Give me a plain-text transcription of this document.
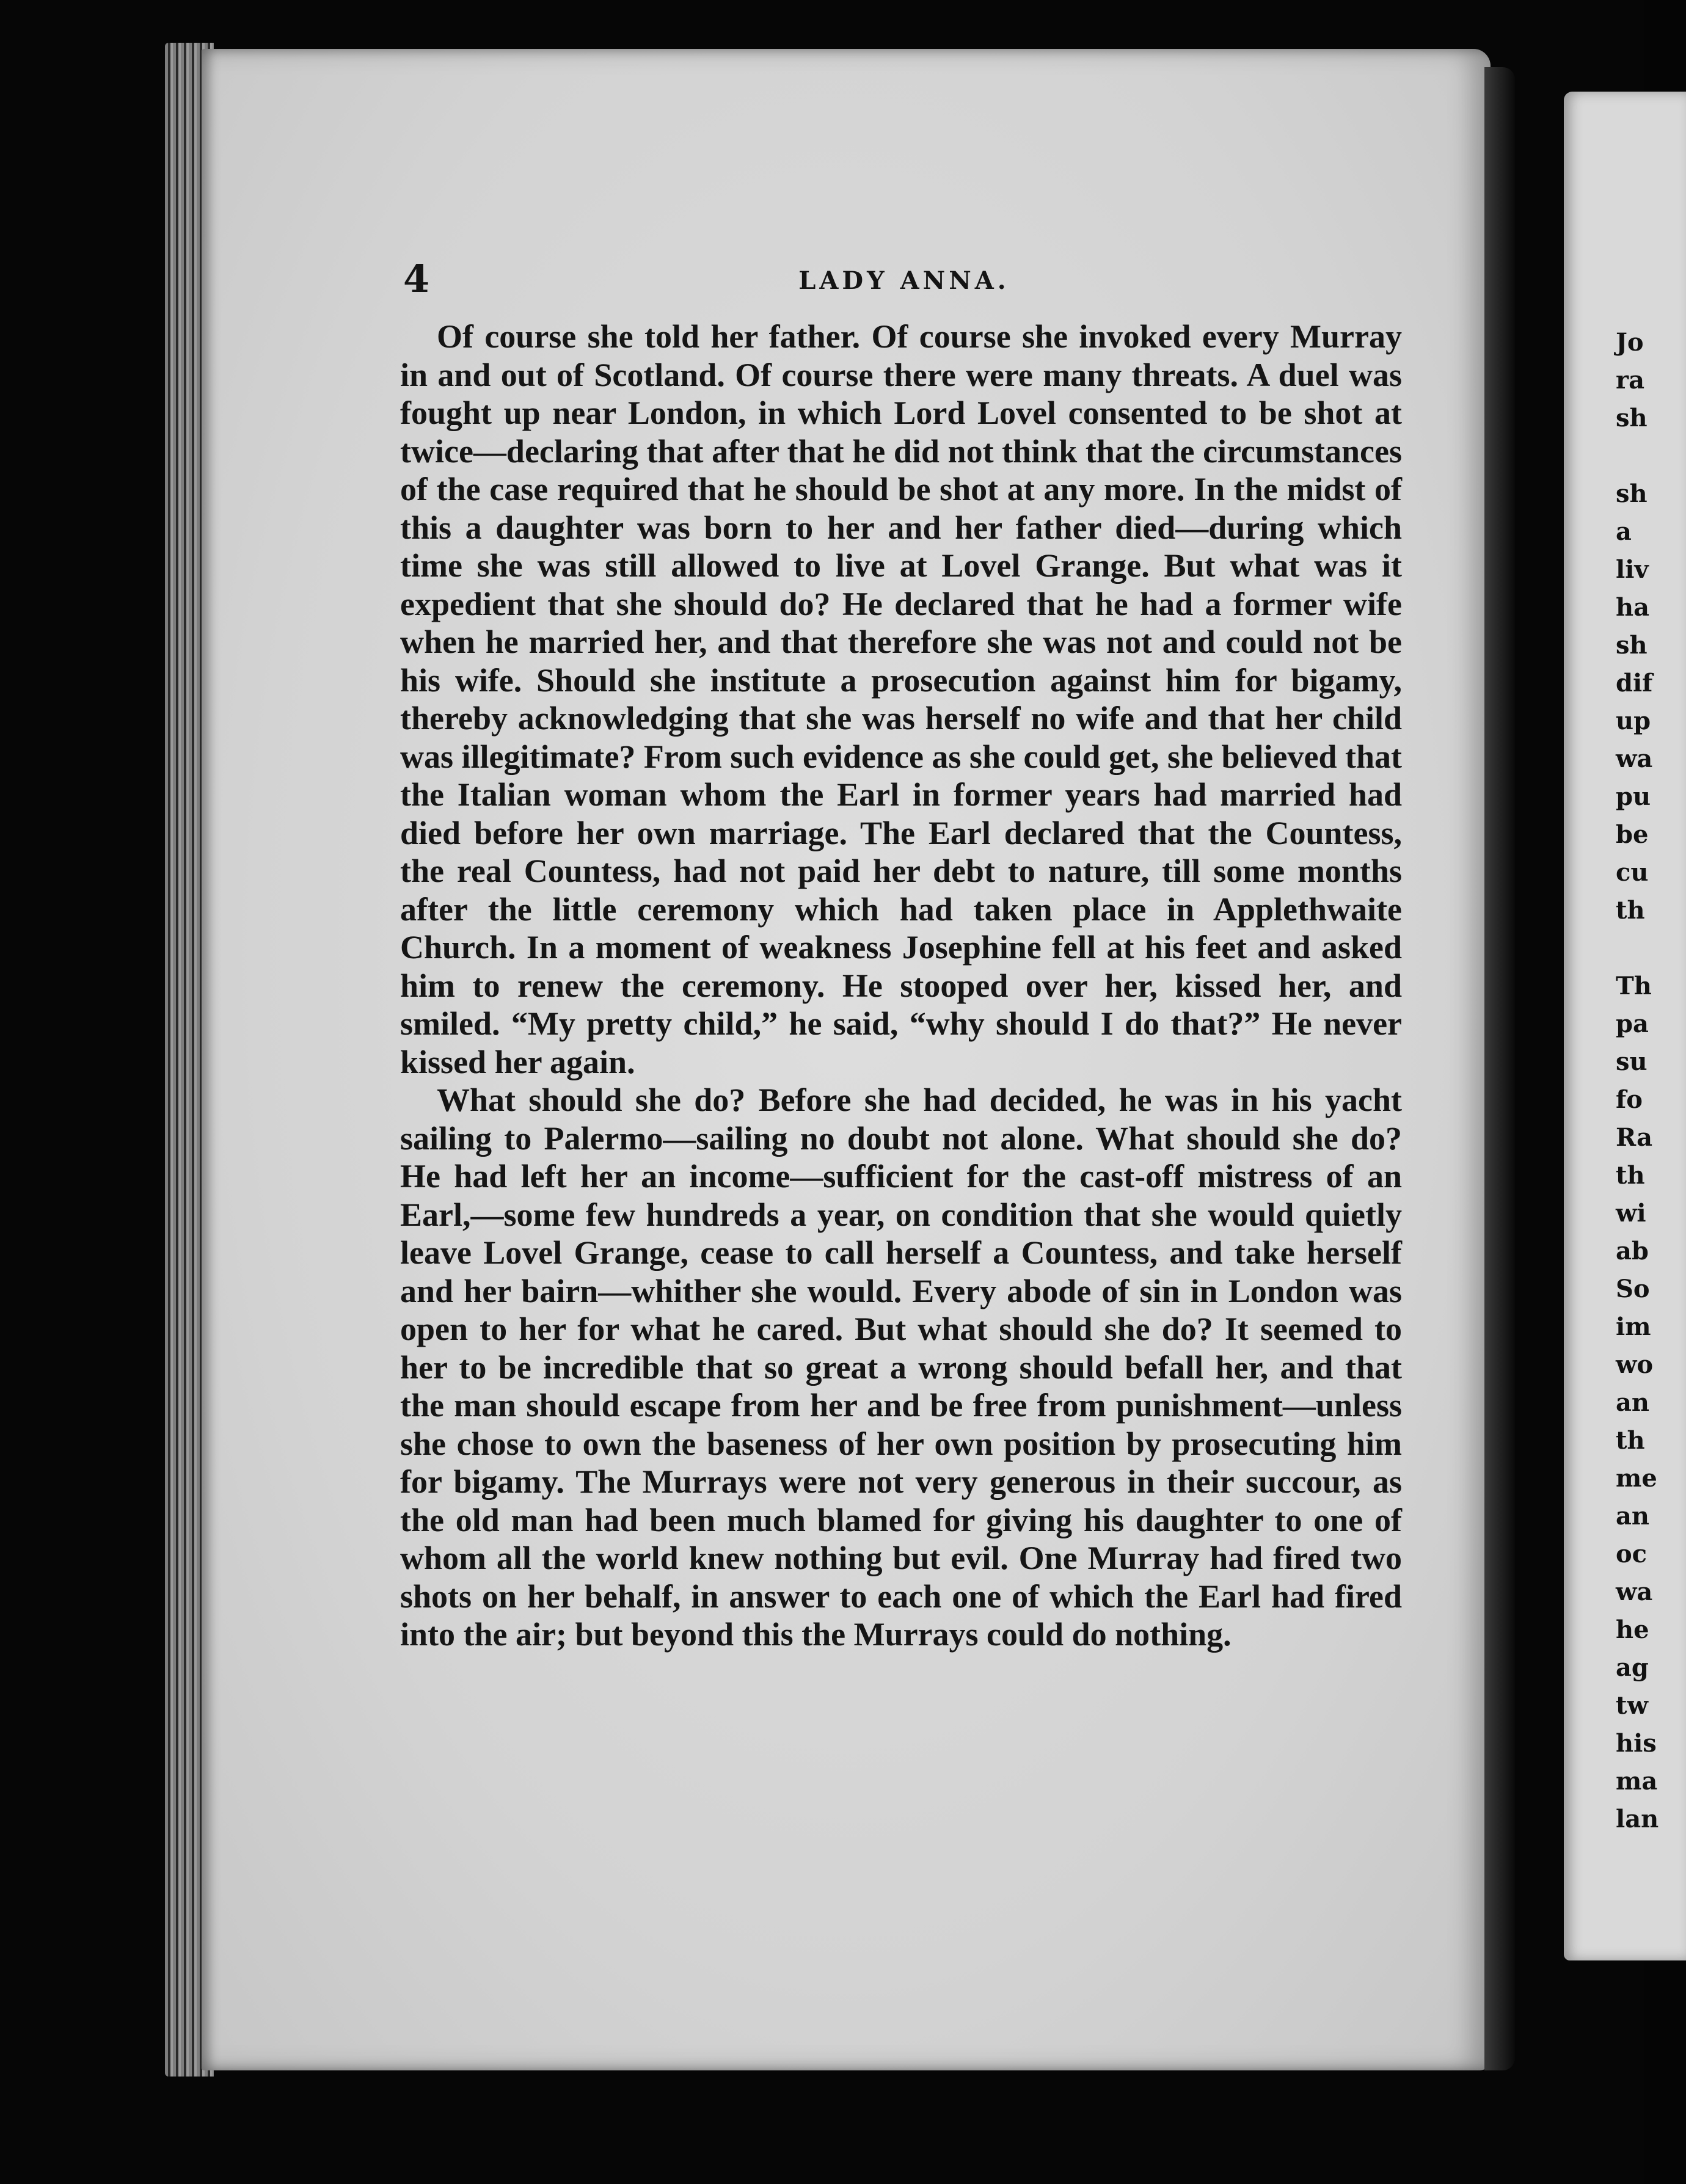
Jo
ra
sh

sh
a
liv
ha
sh
dif
up
wa
pu
be
cu
th

Th
pa
su
fo
Ra
th
wi
ab
So
im
wo
an
th
me
an
oc
wa
he
ag
tw
his
ma
lan
4	LADY ANNA.

Of course she told her father. Of course she invoked every Murray in and out of Scotland. Of course there were many threats. A duel was fought up near London, in which Lord Lovel consented to be shot at twice—declaring that after that he did not think that the circumstances of the case required that he should be shot at any more. In the midst of this a daughter was born to her and her father died—during which time she was still allowed to live at Lovel Grange. But what was it expedient that she should do? He declared that he had a former wife when he married her, and that therefore she was not and could not be his wife. Should she institute a prosecution against him for bigamy, thereby acknowledging that she was herself no wife and that her child was illegitimate? From such evidence as she could get, she believed that the Italian woman whom the Earl in former years had married had died before her own marriage. The Earl declared that the Countess, the real Countess, had not paid her debt to nature, till some months after the little ceremony which had taken place in Applethwaite Church. In a moment of weakness Josephine fell at his feet and asked him to renew the ceremony. He stooped over her, kissed her, and smiled. “My pretty child,” he said, “why should I do that?” He never kissed her again.

What should she do? Before she had decided, he was in his yacht sailing to Palermo—sailing no doubt not alone. What should she do? He had left her an income—sufficient for the cast-off mistress of an Earl,—some few hundreds a year, on condition that she would quietly leave Lovel Grange, cease to call herself a Countess, and take herself and her bairn—whither she would. Every abode of sin in London was open to her for what he cared. But what should she do? It seemed to her to be incredible that so great a wrong should befall her, and that the man should escape from her and be free from punishment—unless she chose to own the baseness of her own position by prosecuting him for bigamy. The Murrays were not very generous in their succour, as the old man had been much blamed for giving his daughter to one of whom all the world knew nothing but evil. One Murray had fired two shots on her behalf, in answer to each one of which the Earl had fired into the air; but beyond this the Murrays could do nothing.
